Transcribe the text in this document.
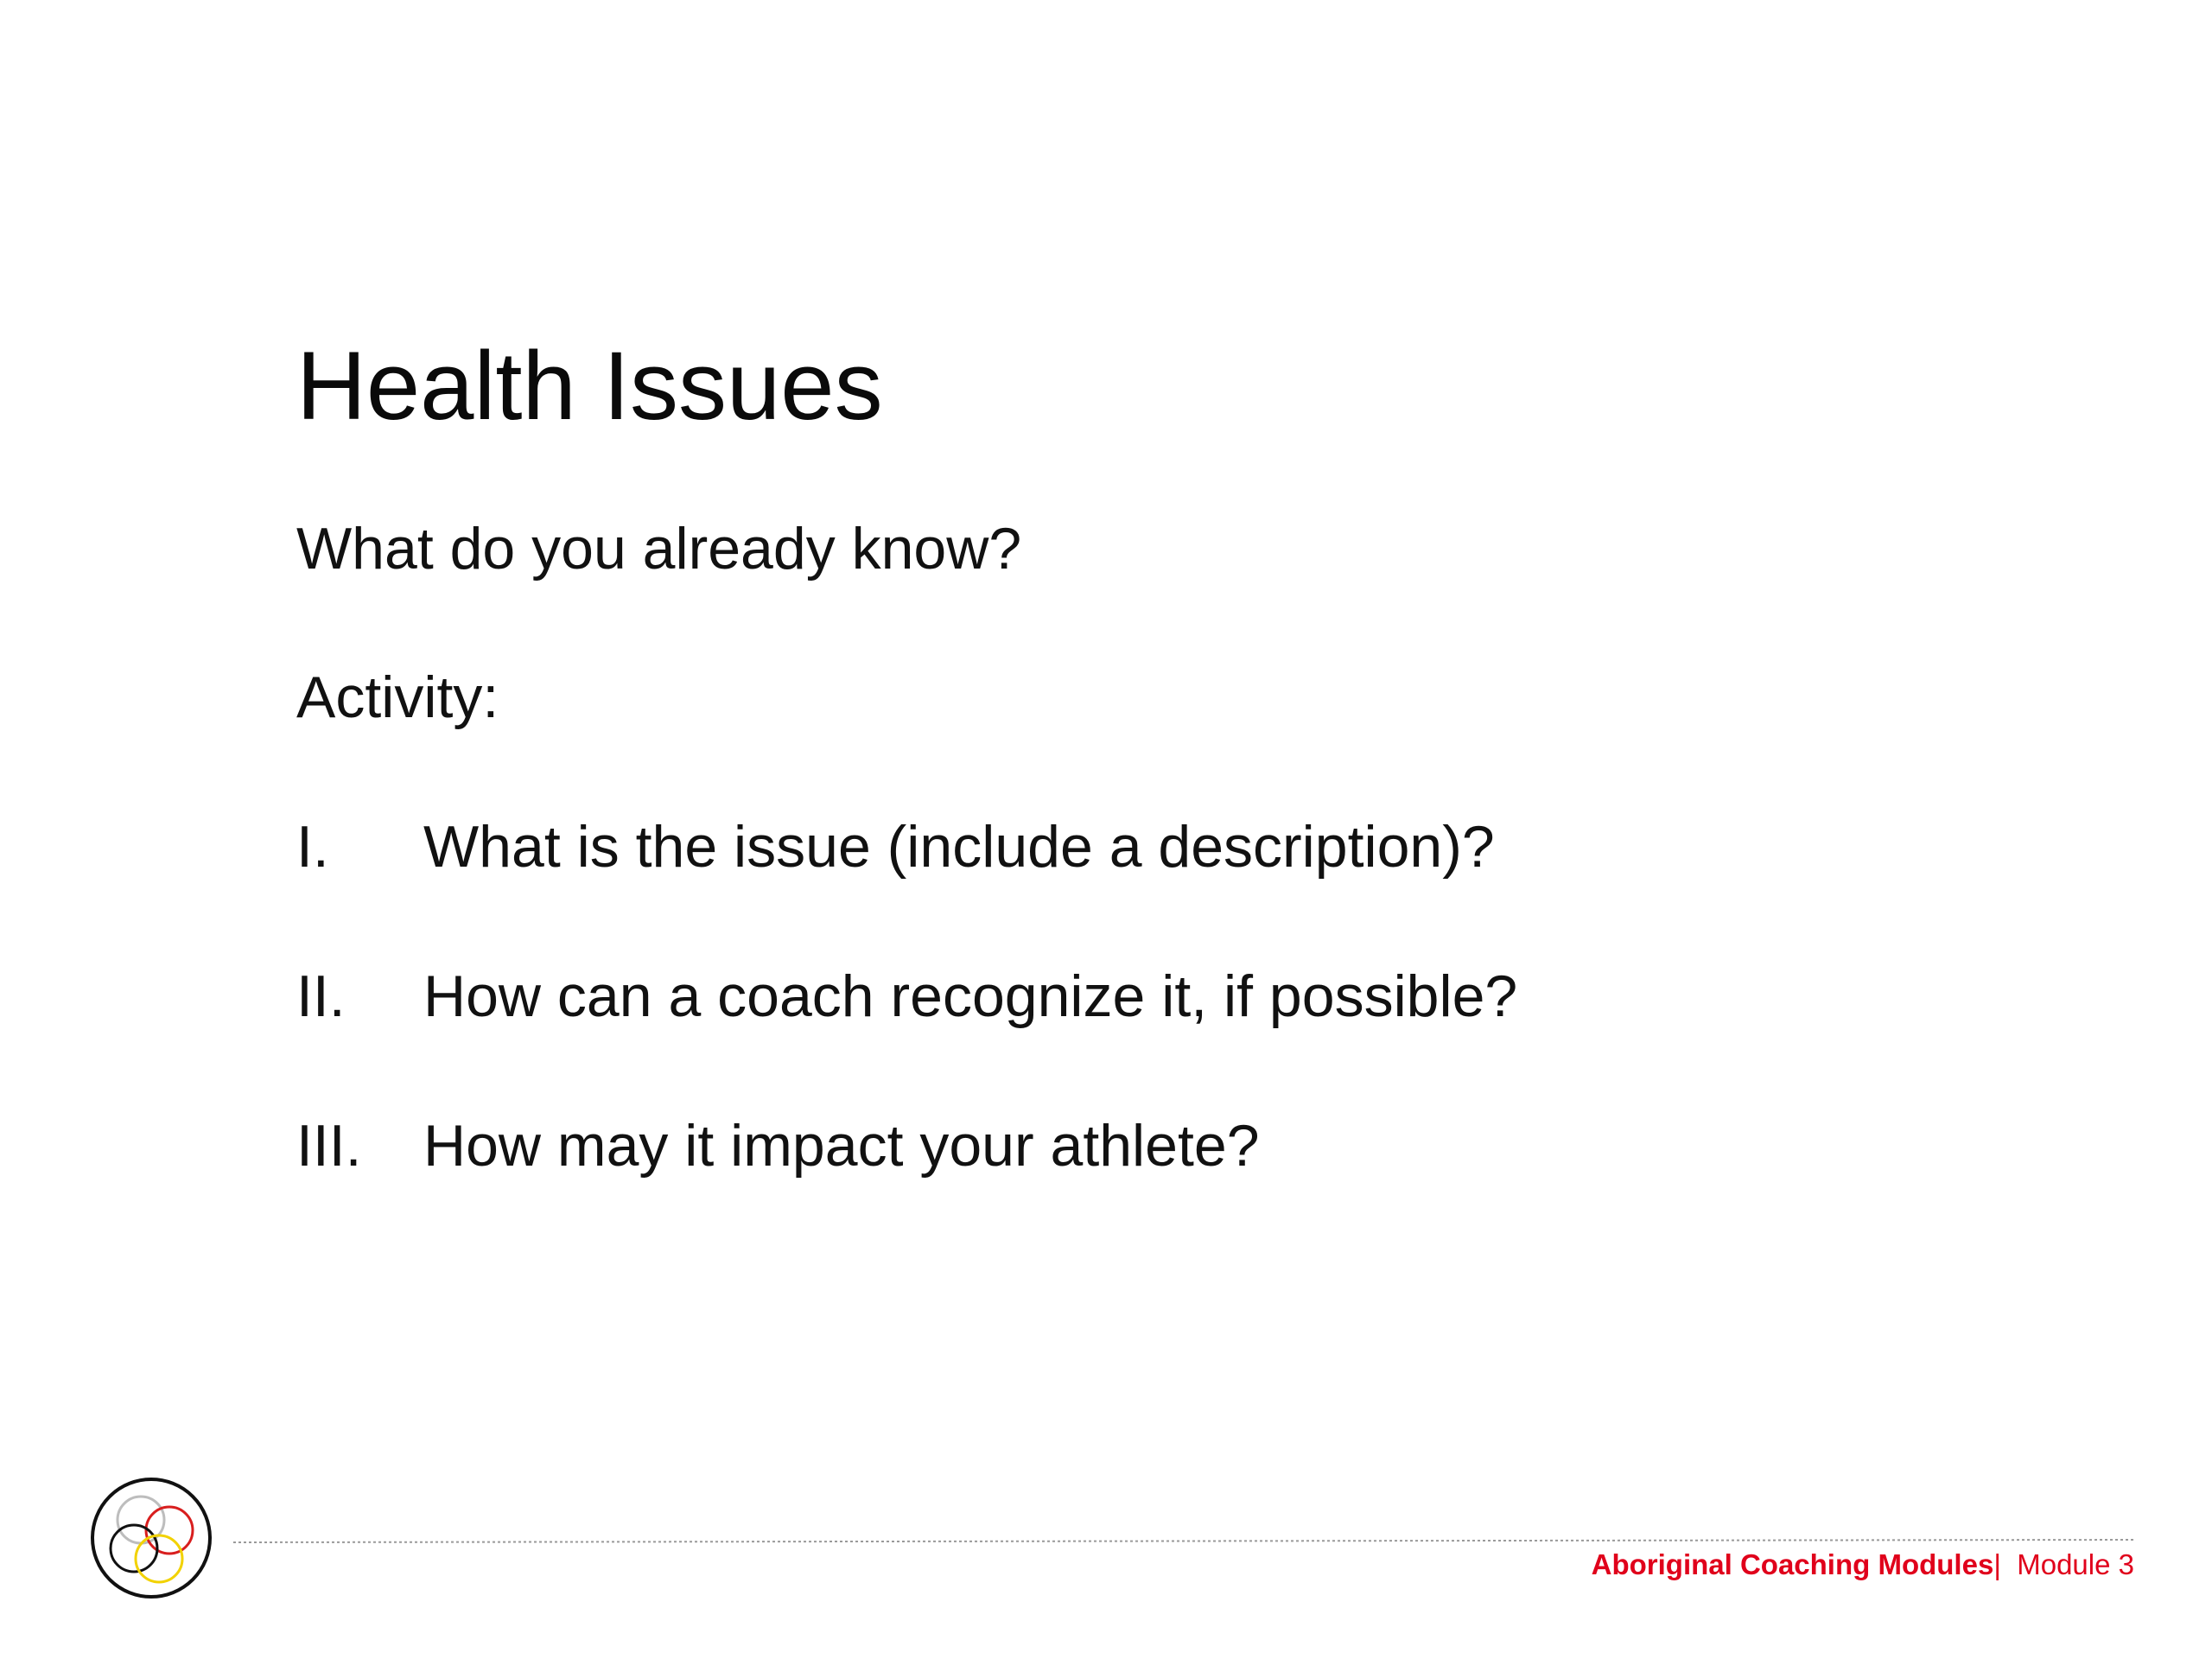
Health Issues
What do you already know?
Activity:
I. What is the issue (include a description)?
II. How can a coach recognize it, if possible?
III. How may it impact your athlete?
Aboriginal Coaching Modules| Module 3
